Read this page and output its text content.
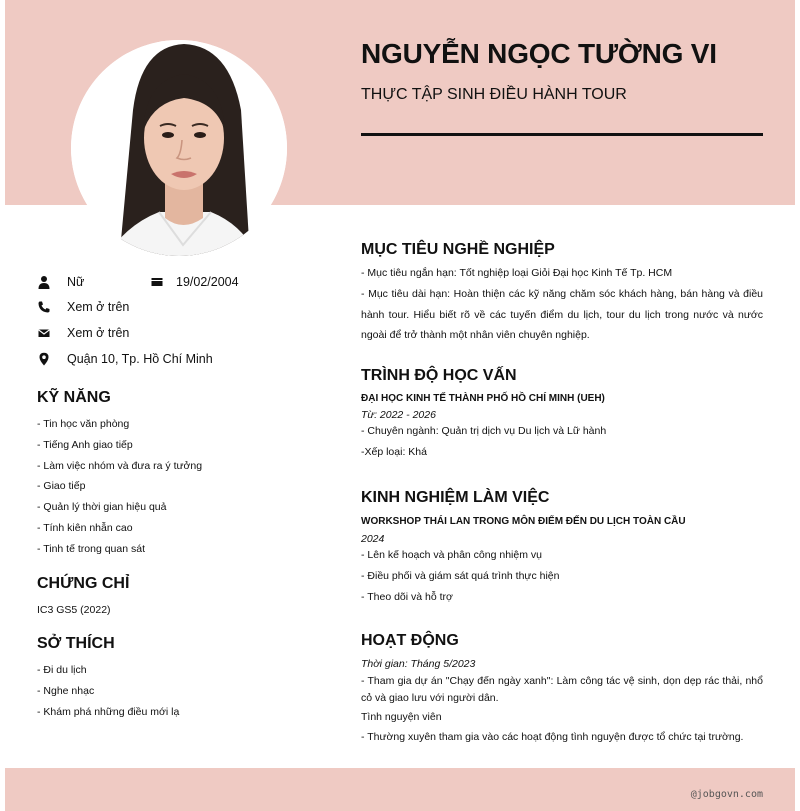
NGUYỄN NGỌC TƯỜNG VI
THỰC TẬP SINH ĐIỀU HÀNH TOUR
Nữ	19/02/2004
Xem ở trên
Xem ở trên
Quận 10, Tp. Hồ Chí Minh
KỸ NĂNG
- Tin học văn phòng
- Tiếng Anh giao tiếp
- Làm việc nhóm và đưa ra ý tưởng
- Giao tiếp
- Quản lý thời gian hiệu quả
- Tính kiên nhẫn cao
- Tinh tế trong quan sát
CHỨNG CHỈ
IC3 GS5 (2022)
SỞ THÍCH
- Đi du lịch
- Nghe nhạc
- Khám phá những điều mới lạ
MỤC TIÊU NGHỀ NGHIỆP

- Mục tiêu ngắn hạn: Tốt nghiệp loại Giỏi Đại học Kinh Tế Tp. HCM

- Mục tiêu dài hạn: Hoàn thiện các kỹ năng chăm sóc khách hàng, bán hàng và điều hành tour. Hiểu biết rõ về các tuyến điểm du lịch, tour du lịch trong nước và nước ngoài để trở thành một nhân viên chuyên nghiệp.

TRÌNH ĐỘ HỌC VẤN

ĐẠI HỌC KINH TẾ THÀNH PHỐ HỒ CHÍ MINH (UEH)

Từ: 2022 - 2026

- Chuyên ngành: Quản trị dịch vụ Du lịch và Lữ hành

-Xếp loại: Khá

KINH NGHIỆM LÀM VIỆC

WORKSHOP THÁI LAN TRONG MÔN ĐIỂM ĐẾN DU LỊCH TOÀN CẦU

2024

- Lên kế hoạch và phân công nhiệm vụ

- Điều phối và giám sát quá trình thực hiện

- Theo dõi và hỗ trợ

HOẠT ĐỘNG

Thời gian: Tháng 5/2023

- Tham gia dự án "Chạy đến ngày xanh": Làm công tác vệ sinh, dọn dẹp rác thải, nhổ cỏ và giao lưu với người dân.

Tình nguyện viên

- Thường xuyên tham gia vào các hoạt động tình nguyện được tổ chức tại trường.

@jobgovn.com
